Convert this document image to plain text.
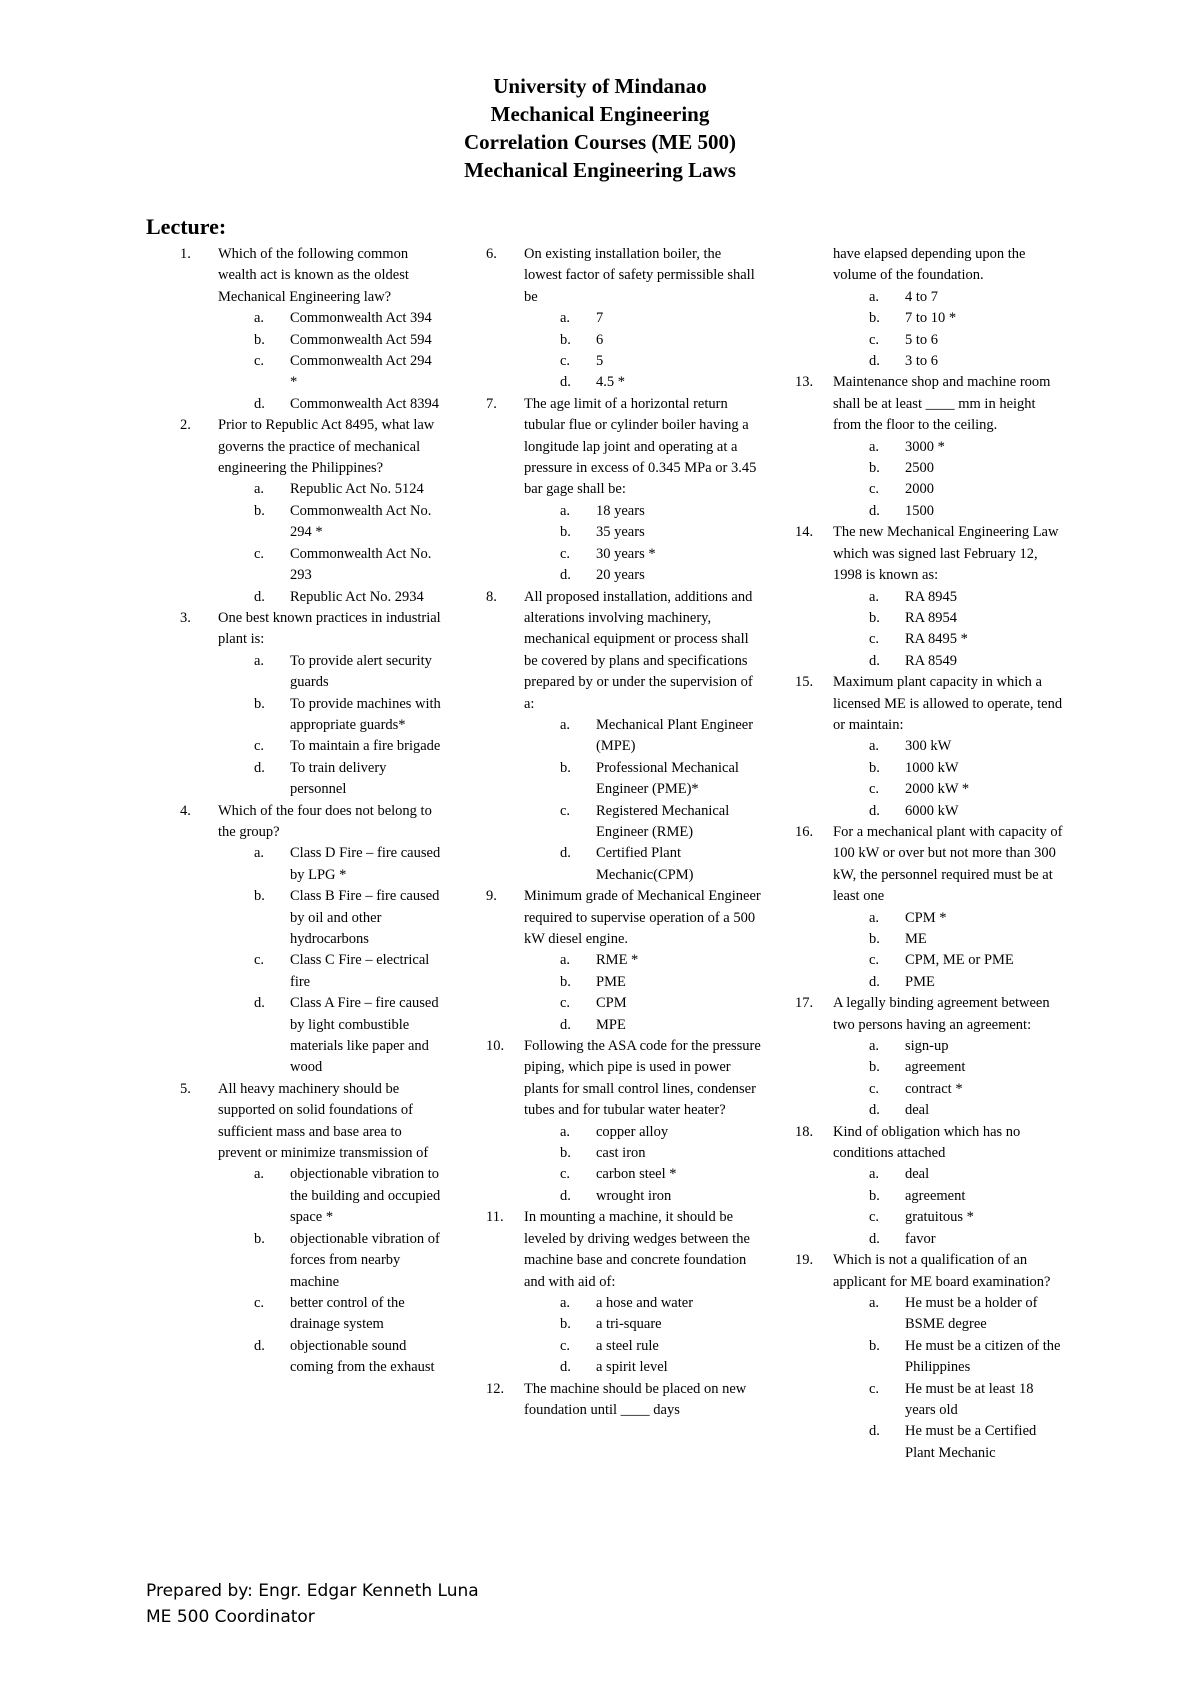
University of Mindanao
Mechanical Engineering
Correlation Courses (ME 500)
Mechanical Engineering Laws
Lecture:
1. Which of the following common wealth act is known as the oldest Mechanical Engineering law?
a. Commonwealth Act 394
b. Commonwealth Act 594
c. Commonwealth Act 294 *
d. Commonwealth Act 8394
2. Prior to Republic Act 8495, what law governs the practice of mechanical engineering the Philippines?
a. Republic Act No. 5124
b. Commonwealth Act No. 294 *
c. Commonwealth Act No. 293
d. Republic Act No. 2934
3. One best known practices in industrial plant is:
a. To provide alert security guards
b. To provide machines with appropriate guards*
c. To maintain a fire brigade
d. To train delivery personnel
4. Which of the four does not belong to the group?
a. Class D Fire – fire caused by LPG *
b. Class B Fire – fire caused by oil and other hydrocarbons
c. Class C Fire – electrical fire
d. Class A Fire – fire caused by light combustible materials like paper and wood
5. All heavy machinery should be supported on solid foundations of sufficient mass and base area to prevent or minimize transmission of
a. objectionable vibration to the building and occupied space *
b. objectionable vibration of forces from nearby machine
c. better control of the drainage system
d. objectionable sound coming from the exhaust
6. On existing installation boiler, the lowest factor of safety permissible shall be
a. 7
b. 6
c. 5
d. 4.5 *
7. The age limit of a horizontal return tubular flue or cylinder boiler having a longitude lap joint and operating at a pressure in excess of 0.345 MPa or 3.45 bar gage shall be:
a. 18 years
b. 35 years
c. 30 years *
d. 20 years
8. All proposed installation, additions and alterations involving machinery, mechanical equipment or process shall be covered by plans and specifications prepared by or under the supervision of a:
a. Mechanical Plant Engineer (MPE)
b. Professional Mechanical Engineer (PME)*
c. Registered Mechanical Engineer (RME)
d. Certified Plant Mechanic(CPM)
9. Minimum grade of Mechanical Engineer required to supervise operation of a 500 kW diesel engine.
a. RME *
b. PME
c. CPM
d. MPE
10. Following the ASA code for the pressure piping, which pipe is used in power plants for small control lines, condenser tubes and for tubular water heater?
a. copper alloy
b. cast iron
c. carbon steel *
d. wrought iron
11. In mounting a machine, it should be leveled by driving wedges between the machine base and concrete foundation and with aid of:
a. a hose and water
b. a tri-square
c. a steel rule
d. a spirit level
12. The machine should be placed on new foundation until ____ days
have elapsed depending upon the volume of the foundation.
a. 4 to 7
b. 7 to 10 *
c. 5 to 6
d. 3 to 6
13. Maintenance shop and machine room shall be at least ____ mm in height from the floor to the ceiling.
a. 3000 *
b. 2500
c. 2000
d. 1500
14. The new Mechanical Engineering Law which was signed last February 12, 1998 is known as:
a. RA 8945
b. RA 8954
c. RA 8495 *
d. RA 8549
15. Maximum plant capacity in which a licensed ME is allowed to operate, tend or maintain:
a. 300 kW
b. 1000 kW
c. 2000 kW *
d. 6000 kW
16. For a mechanical plant with capacity of 100 kW or over but not more than 300 kW, the personnel required must be at least one
a. CPM *
b. ME
c. CPM, ME or PME
d. PME
17. A legally binding agreement between two persons having an agreement:
a. sign-up
b. agreement
c. contract *
d. deal
18. Kind of obligation which has no conditions attached
a. deal
b. agreement
c. gratuitous *
d. favor
19. Which is not a qualification of an applicant for ME board examination?
a. He must be a holder of BSME degree
b. He must be a citizen of the Philippines
c. He must be at least 18 years old
d. He must be a Certified Plant Mechanic
Prepared by: Engr. Edgar Kenneth Luna
ME 500 Coordinator
